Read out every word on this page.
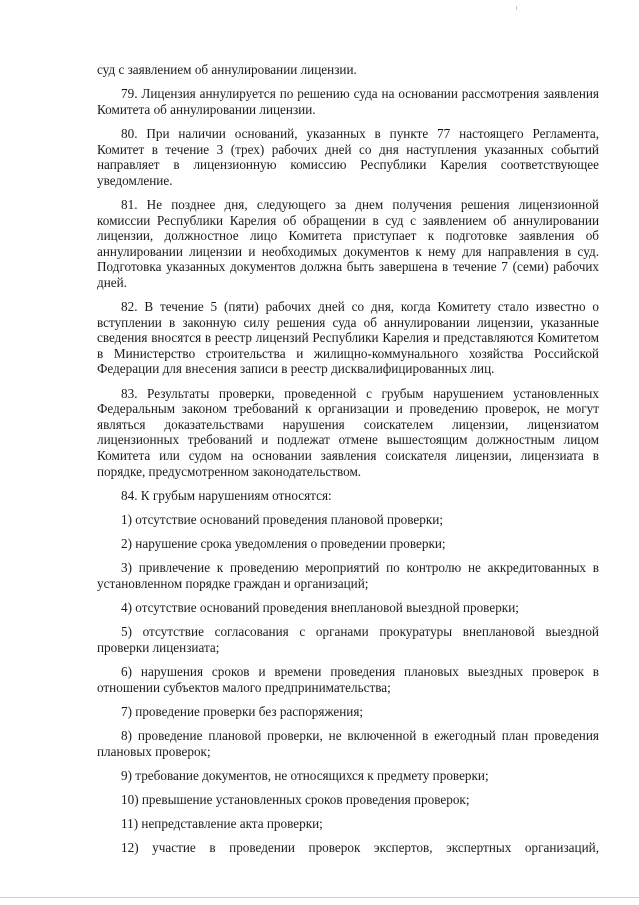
суд с заявлением об аннулировании лицензии.

79. Лицензия аннулируется по решению суда на основании рассмотрения заявления Комитета об аннулировании лицензии.

80. При наличии оснований, указанных в пункте 77 настоящего Регламента, Комитет в течение 3 (трех) рабочих дней со дня наступления указанных событий направляет в лицензионную комиссию Республики Карелия соответствующее уведомление.

81. Не позднее дня, следующего за днем получения решения лицензионной комиссии Республики Карелия об обращении в суд с заявлением об аннулировании лицензии, должностное лицо Комитета приступает к подготовке заявления об аннулировании лицензии и необходимых документов к нему для направления в суд. Подготовка указанных документов должна быть завершена в течение 7 (семи) рабочих дней.

82. В течение 5 (пяти) рабочих дней со дня, когда Комитету стало известно о вступлении в законную силу решения суда об аннулировании лицензии, указанные сведения вносятся в реестр лицензий Республики Карелия и представляются Комитетом в Министерство строительства и жилищно-коммунального хозяйства Российской Федерации для внесения записи в реестр дисквалифицированных лиц.

83. Результаты проверки, проведенной с грубым нарушением установленных Федеральным законом требований к организации и проведению проверок, не могут являться доказательствами нарушения соискателем лицензии, лицензиатом лицензионных требований и подлежат отмене вышестоящим должностным лицом Комитета или судом на основании заявления соискателя лицензии, лицензиата в порядке, предусмотренном законодательством.

84. К грубым нарушениям относятся:

1) отсутствие оснований проведения плановой проверки;

2) нарушение срока уведомления о проведении проверки;

3) привлечение к проведению мероприятий по контролю не аккредитованных в установленном порядке граждан и организаций;

4) отсутствие оснований проведения внеплановой выездной проверки;

5) отсутствие согласования с органами прокуратуры внеплановой выездной проверки лицензиата;

6) нарушения сроков и времени проведения плановых выездных проверок в отношении субъектов малого предпринимательства;

7) проведение проверки без распоряжения;

8) проведение плановой проверки, не включенной в ежегодный план проведения плановых проверок;

9) требование документов, не относящихся к предмету проверки;

10) превышение установленных сроков проведения проверок;

11) непредставление акта проверки;

12) участие в проведении проверок экспертов, экспертных организаций,
